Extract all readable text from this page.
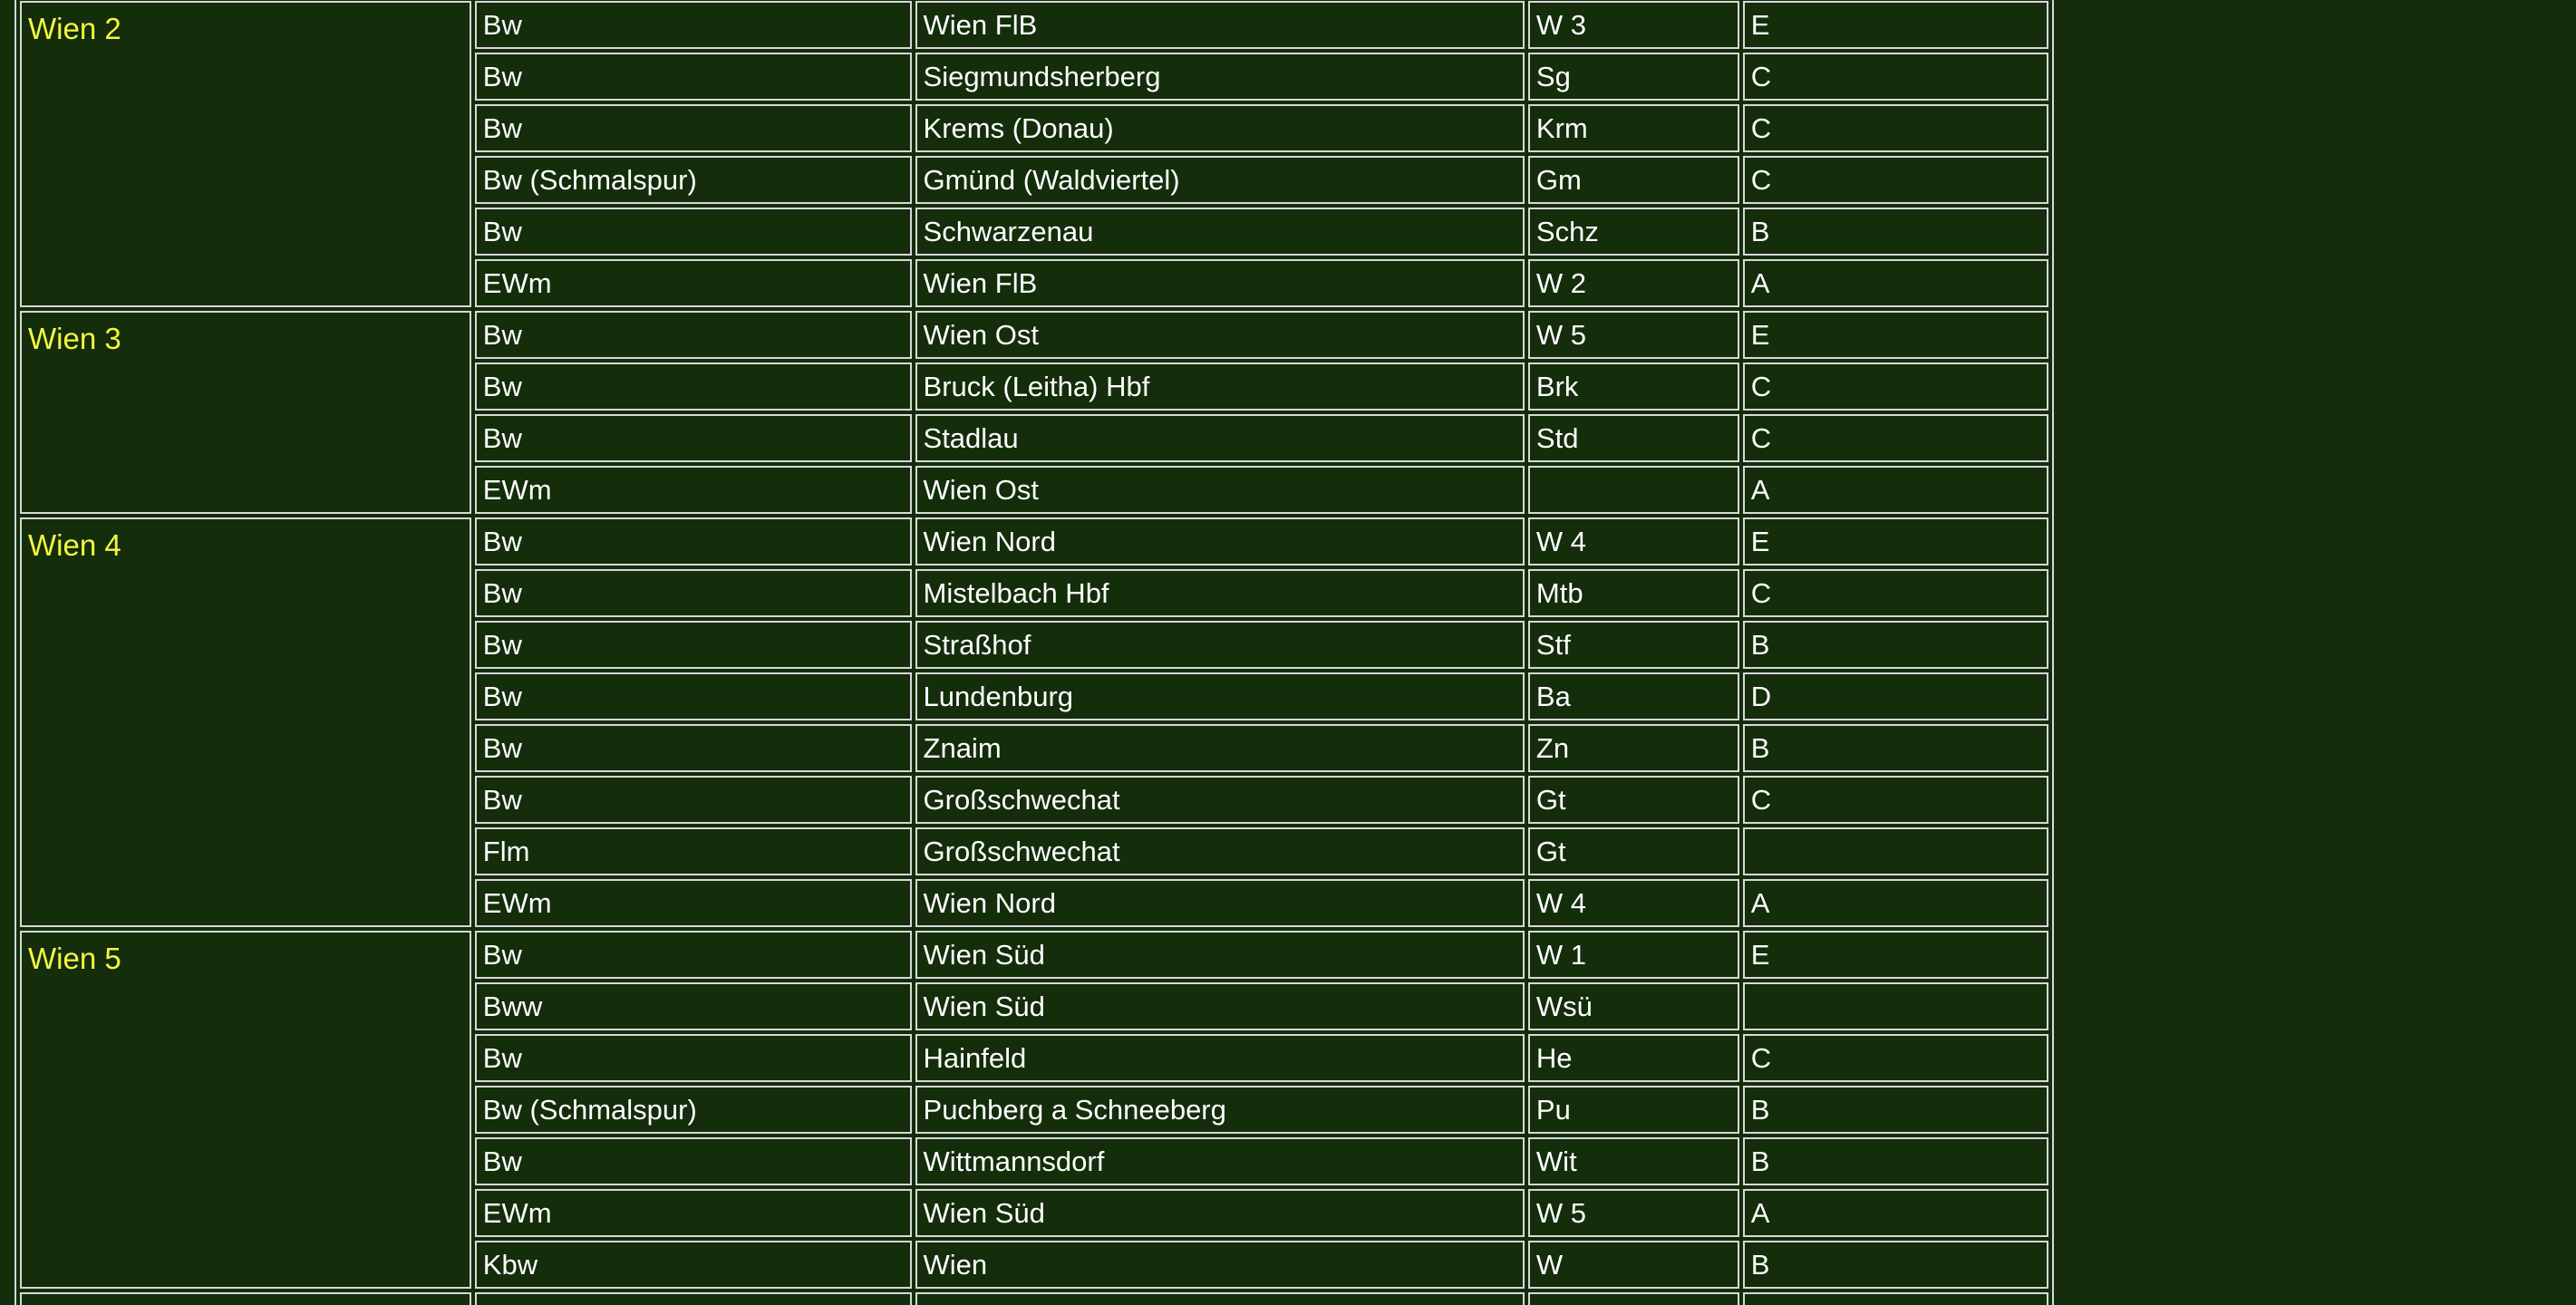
Wien 2	Bw	Wien FlB	W 3	E
	Bw	Siegmundsherberg	Sg	C
	Bw	Krems (Donau)	Krm	C
	Bw (Schmalspur)	Gmünd (Waldviertel)	Gm	C
	Bw	Schwarzenau	Schz	B
	EWm	Wien FlB	W 2	A
Wien 3	Bw	Wien Ost	W 5	E
	Bw	Bruck (Leitha) Hbf	Brk	C
	Bw	Stadlau	Std	C
	EWm	Wien Ost		A
Wien 4	Bw	Wien Nord	W 4	E
	Bw	Mistelbach Hbf	Mtb	C
	Bw	Straßhof	Stf	B
	Bw	Lundenburg	Ba	D
	Bw	Znaim	Zn	B
	Bw	Großschwechat	Gt	C
	Flm	Großschwechat	Gt	
	EWm	Wien Nord	W 4	A
Wien 5	Bw	Wien Süd	W 1	E
	Bww	Wien Süd	Wsü	
	Bw	Hainfeld	He	C
	Bw (Schmalspur)	Puchberg a Schneeberg	Pu	B
	Bw	Wittmannsdorf	Wit	B
	EWm	Wien Süd	W 5	A
	Kbw	Wien	W	B
